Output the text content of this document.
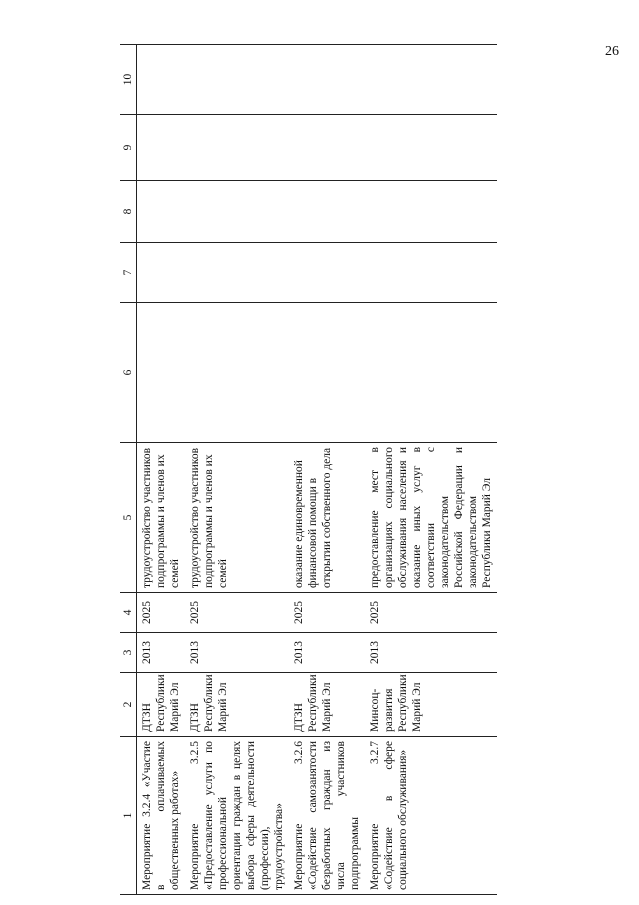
26
1	2	3	4	5	6	7	8	9	10
Мероприятие 3.2.4 «Участие в оплачиваемых общественных работах»	ДТЗН Республики Марий Эл	2013	2025	трудоустройство участников подпрограммы и членов их семей					
Мероприятие 3.2.5 «Предоставление услуги по профессиональной ориентации граждан в целях выбора сферы деятельности (профессии), трудоустройства»	ДТЗН Республики Марий Эл	2013	2025	трудоустройство участников подпрограммы и членов их семей					
Мероприятие 3.2.6 «Содействие самозанятости безработных граждан из числа участников подпрограммы	ДТЗН Республики Марий Эл	2013	2025	оказание единовременной финансовой помощи в открытии собственного дела					
Мероприятие 3.2.7 «Содействие в сфере социального обслуживания»	Минсоц-развития Республики Марий Эл	2013	2025	предоставление мест в организациях социального обслуживания населения и оказание иных услуг в соответствии с законодательством Российской Федерации и законодательством Республики Марий Эл					
